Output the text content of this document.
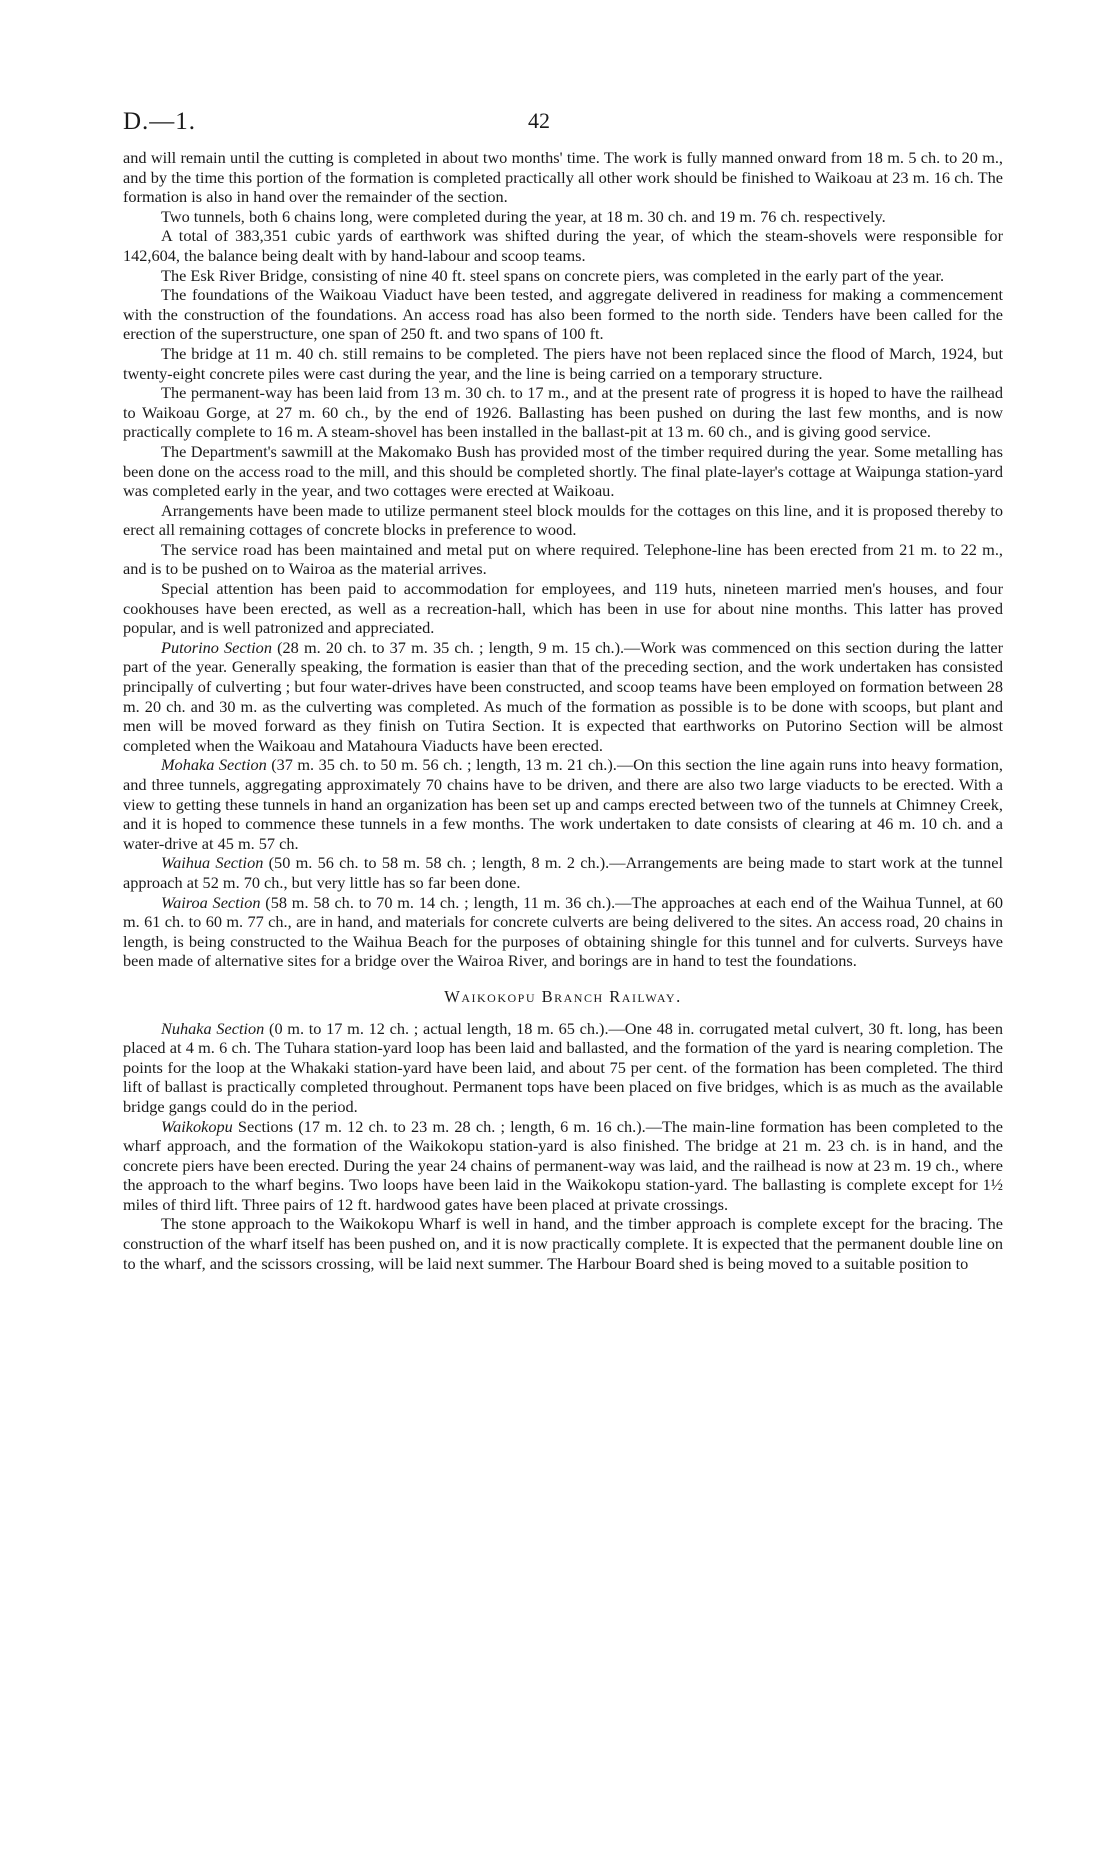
D.—1.	42

and will remain until the cutting is completed in about two months' time. The work is fully manned onward from 18 m. 5 ch. to 20 m., and by the time this portion of the formation is completed practically all other work should be finished to Waikoau at 23 m. 16 ch. The formation is also in hand over the remainder of the section.

Two tunnels, both 6 chains long, were completed during the year, at 18 m. 30 ch. and 19 m. 76 ch. respectively.

A total of 383,351 cubic yards of earthwork was shifted during the year, of which the steam-shovels were responsible for 142,604, the balance being dealt with by hand-labour and scoop teams.

The Esk River Bridge, consisting of nine 40 ft. steel spans on concrete piers, was completed in the early part of the year.

The foundations of the Waikoau Viaduct have been tested, and aggregate delivered in readiness for making a commencement with the construction of the foundations. An access road has also been formed to the north side. Tenders have been called for the erection of the superstructure, one span of 250 ft. and two spans of 100 ft.

The bridge at 11 m. 40 ch. still remains to be completed. The piers have not been replaced since the flood of March, 1924, but twenty-eight concrete piles were cast during the year, and the line is being carried on a temporary structure.

The permanent-way has been laid from 13 m. 30 ch. to 17 m., and at the present rate of progress it is hoped to have the railhead to Waikoau Gorge, at 27 m. 60 ch., by the end of 1926. Ballasting has been pushed on during the last few months, and is now practically complete to 16 m. A steam-shovel has been installed in the ballast-pit at 13 m. 60 ch., and is giving good service.

The Department's sawmill at the Makomako Bush has provided most of the timber required during the year. Some metalling has been done on the access road to the mill, and this should be completed shortly. The final plate-layer's cottage at Waipunga station-yard was completed early in the year, and two cottages were erected at Waikoau.

Arrangements have been made to utilize permanent steel block moulds for the cottages on this line, and it is proposed thereby to erect all remaining cottages of concrete blocks in preference to wood.

The service road has been maintained and metal put on where required. Telephone-line has been erected from 21 m. to 22 m., and is to be pushed on to Wairoa as the material arrives.

Special attention has been paid to accommodation for employees, and 119 huts, nineteen married men's houses, and four cookhouses have been erected, as well as a recreation-hall, which has been in use for about nine months. This latter has proved popular, and is well patronized and appreciated.

Putorino Section (28 m. 20 ch. to 37 m. 35 ch. ; length, 9 m. 15 ch.).—Work was commenced on this section during the latter part of the year. Generally speaking, the formation is easier than that of the preceding section, and the work undertaken has consisted principally of culverting ; but four water-drives have been constructed, and scoop teams have been employed on formation between 28 m. 20 ch. and 30 m. as the culverting was completed. As much of the formation as possible is to be done with scoops, but plant and men will be moved forward as they finish on Tutira Section. It is expected that earthworks on Putorino Section will be almost completed when the Waikoau and Matahoura Viaducts have been erected.

Mohaka Section (37 m. 35 ch. to 50 m. 56 ch. ; length, 13 m. 21 ch.).—On this section the line again runs into heavy formation, and three tunnels, aggregating approximately 70 chains have to be driven, and there are also two large viaducts to be erected. With a view to getting these tunnels in hand an organization has been set up and camps erected between two of the tunnels at Chimney Creek, and it is hoped to commence these tunnels in a few months. The work undertaken to date consists of clearing at 46 m. 10 ch. and a water-drive at 45 m. 57 ch.

Waihua Section (50 m. 56 ch. to 58 m. 58 ch. ; length, 8 m. 2 ch.).—Arrangements are being made to start work at the tunnel approach at 52 m. 70 ch., but very little has so far been done.

Wairoa Section (58 m. 58 ch. to 70 m. 14 ch. ; length, 11 m. 36 ch.).—The approaches at each end of the Waihua Tunnel, at 60 m. 61 ch. to 60 m. 77 ch., are in hand, and materials for concrete culverts are being delivered to the sites. An access road, 20 chains in length, is being constructed to the Waihua Beach for the purposes of obtaining shingle for this tunnel and for culverts. Surveys have been made of alternative sites for a bridge over the Wairoa River, and borings are in hand to test the foundations.

Waikokopu Branch Railway.

Nuhaka Section (0 m. to 17 m. 12 ch. ; actual length, 18 m. 65 ch.).—One 48 in. corrugated metal culvert, 30 ft. long, has been placed at 4 m. 6 ch. The Tuhara station-yard loop has been laid and ballasted, and the formation of the yard is nearing completion. The points for the loop at the Whakaki station-yard have been laid, and about 75 per cent. of the formation has been completed. The third lift of ballast is practically completed throughout. Permanent tops have been placed on five bridges, which is as much as the available bridge gangs could do in the period.

Waikokopu Sections (17 m. 12 ch. to 23 m. 28 ch. ; length, 6 m. 16 ch.).—The main-line formation has been completed to the wharf approach, and the formation of the Waikokopu station-yard is also finished. The bridge at 21 m. 23 ch. is in hand, and the concrete piers have been erected. During the year 24 chains of permanent-way was laid, and the railhead is now at 23 m. 19 ch., where the approach to the wharf begins. Two loops have been laid in the Waikokopu station-yard. The ballasting is complete except for 1½ miles of third lift. Three pairs of 12 ft. hardwood gates have been placed at private crossings.

The stone approach to the Waikokopu Wharf is well in hand, and the timber approach is complete except for the bracing. The construction of the wharf itself has been pushed on, and it is now practically complete. It is expected that the permanent double line on to the wharf, and the scissors crossing, will be laid next summer. The Harbour Board shed is being moved to a suitable position to
